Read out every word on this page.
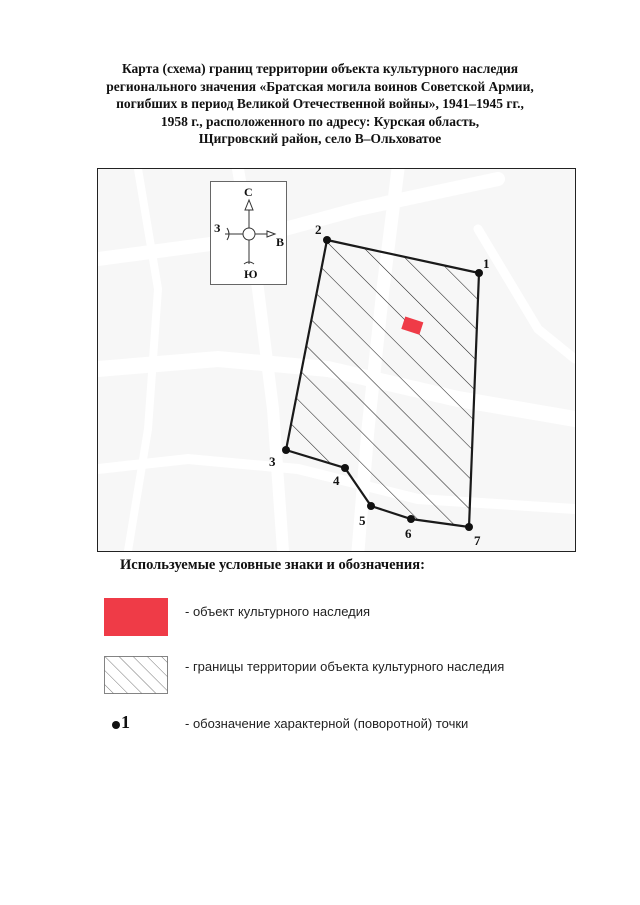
Карта (схема) границ территории объекта культурного наследия
регионального значения «Братская могила воинов Советской Армии,
погибших в период Великой Отечественной войны», 1941–1945 гг.,
1958 г., расположенного по адресу: Курская область,
Щигровский район, село В–Ольховатое
1
2
3
4
5
6	7
С
Ю
З
В
Используемые условные знаки и обозначения:
- объект культурного наследия
- границы территории объекта культурного наследия
1	- обозначение характерной (поворотной) точки
